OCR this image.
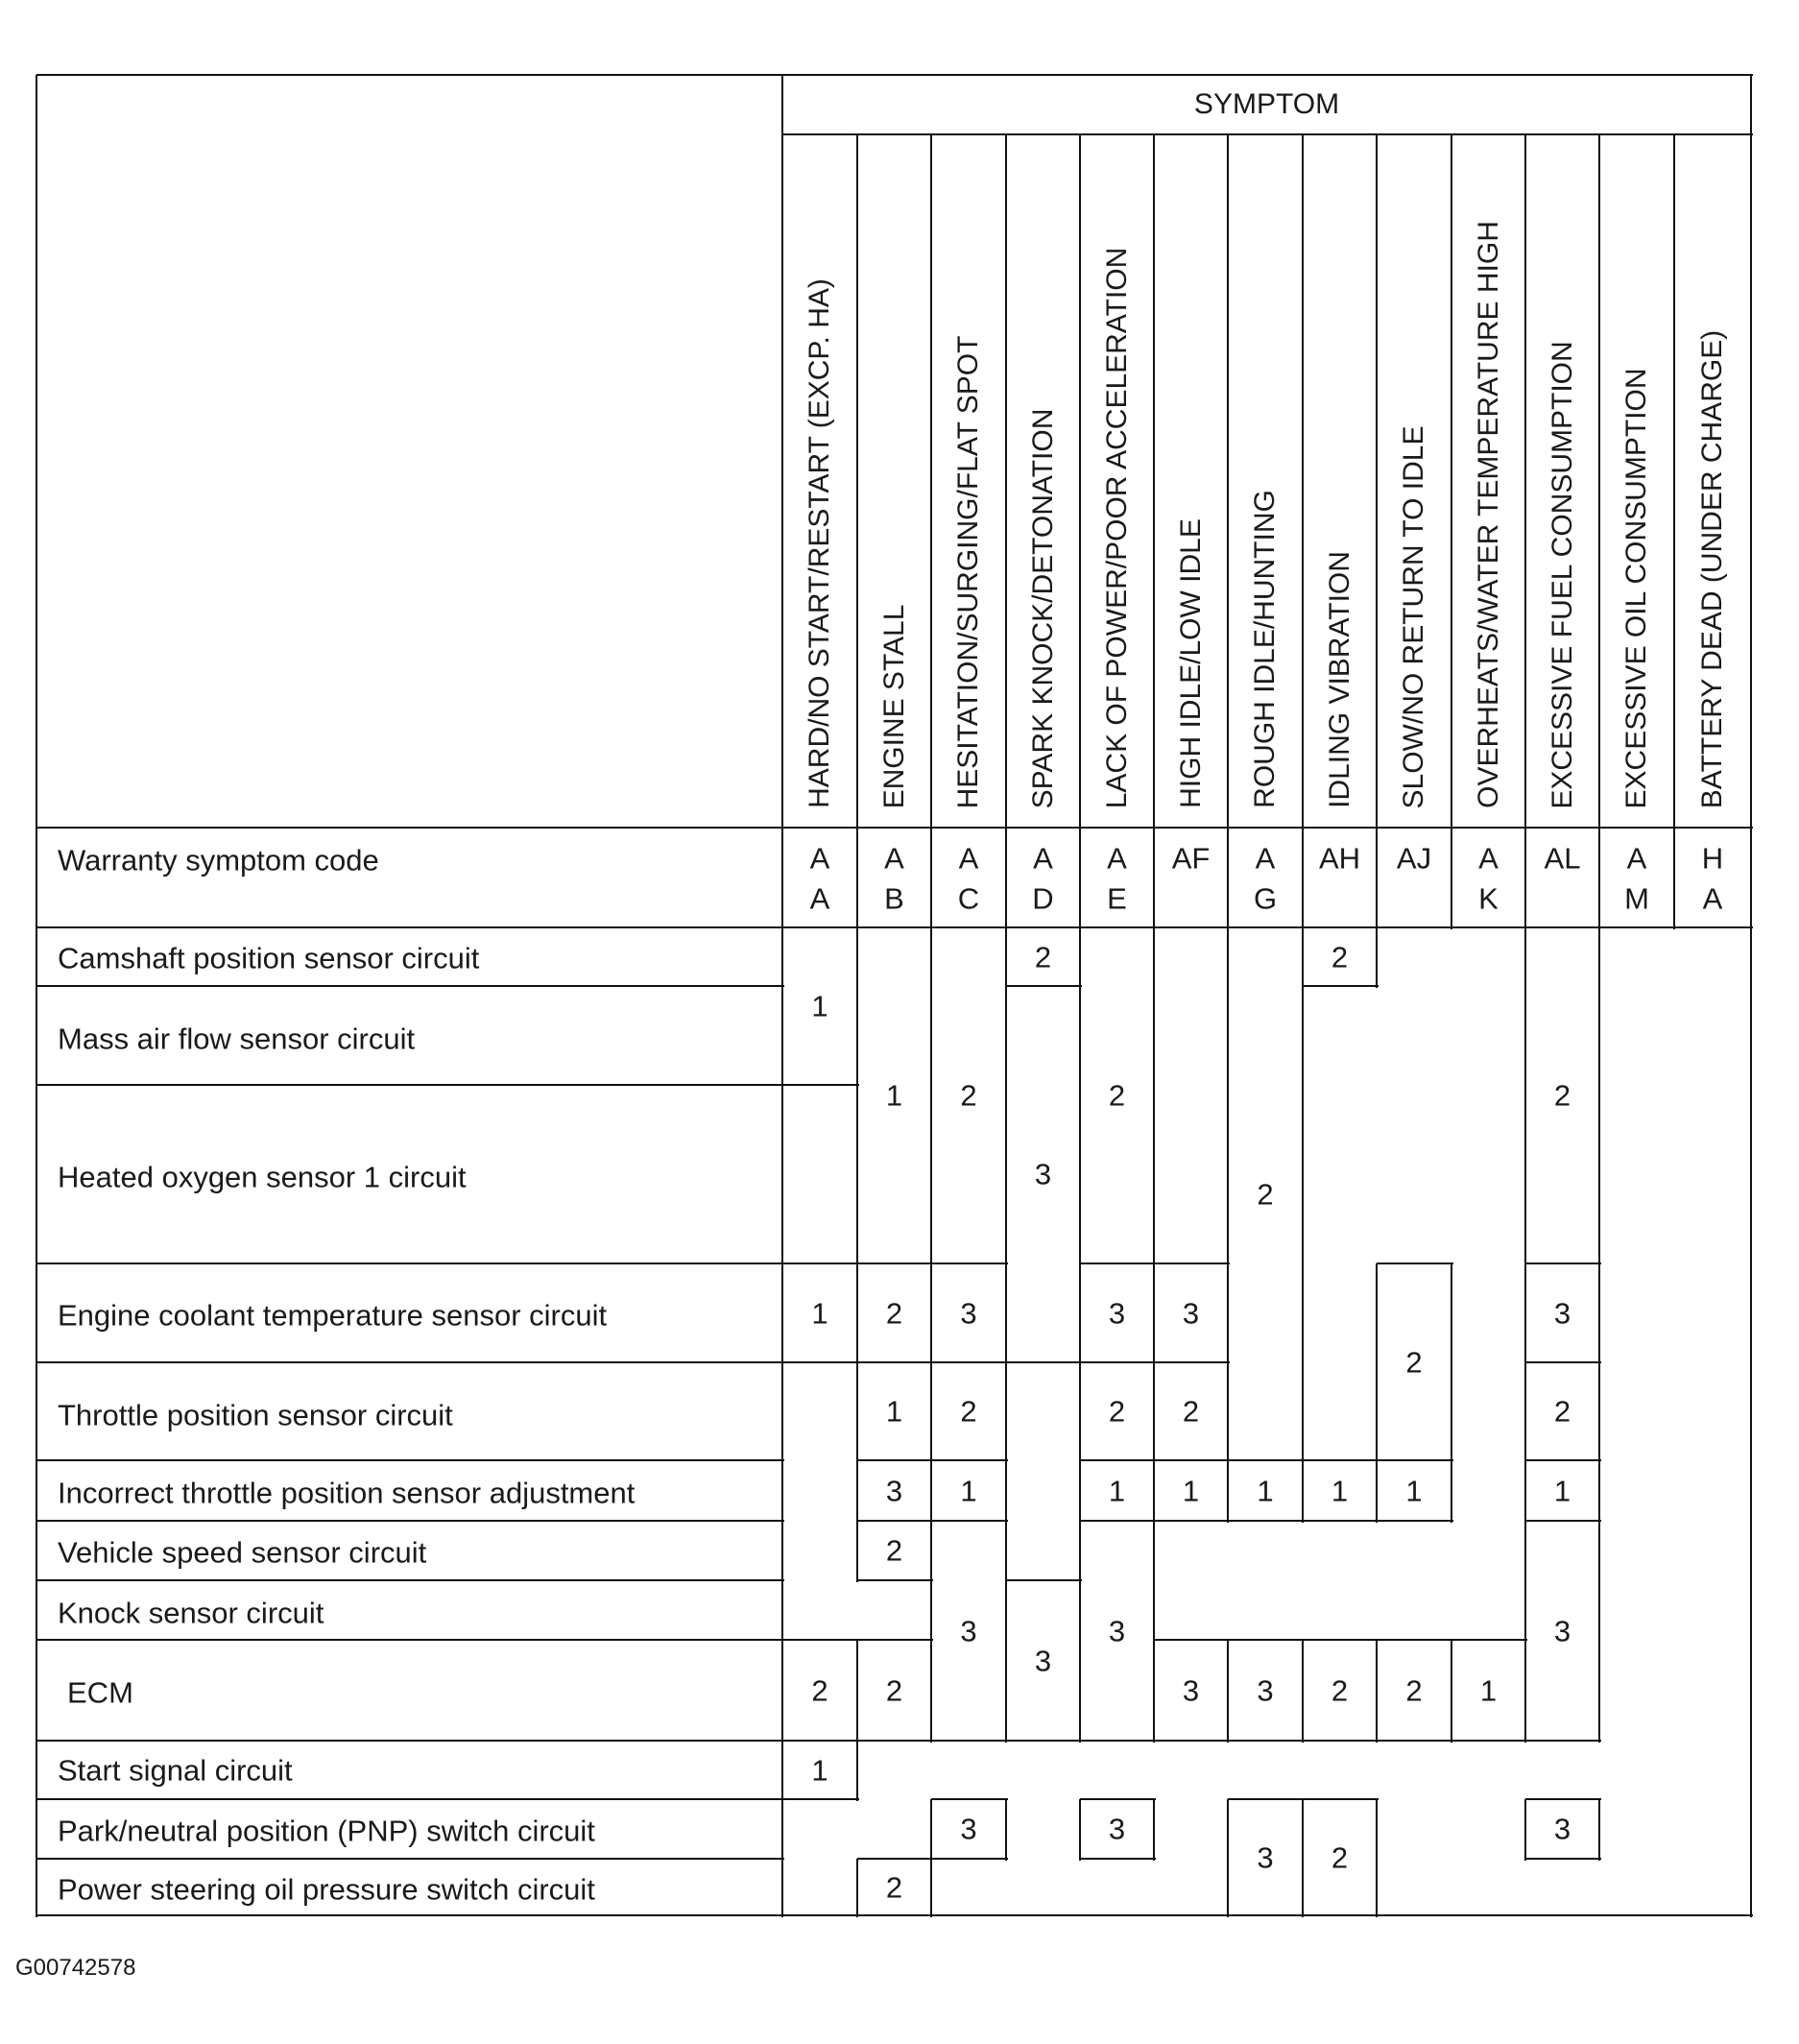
SYMPTOM
HARD/NO START/RESTART (EXCP. HA) ENGINE STALL HESITATION/SURGING/FLAT SPOT SPARK KNOCK/DETONATION LACK OF POWER/POOR ACCELERATION HIGH IDLE/LOW IDLE ROUGH IDLE/HUNTING IDLING VIBRATION SLOW/NO RETURN TO IDLE OVERHEATS/WATER TEMPERATURE HIGH EXCESSIVE FUEL CONSUMPTION EXCESSIVE OIL CONSUMPTION BATTERY DEAD (UNDER CHARGE)
Warranty symptom code	A
A
A
B
A
C
A
D
A
E
AF A
G
AH AJ A
K
AL A
M
H
A
Camshaft position sensor circuit
Mass air flow sensor circuit
Heated oxygen sensor 1 circuit
Engine coolant temperature sensor circuit
Throttle position sensor circuit
Incorrect throttle position sensor adjustment
Vehicle speed sensor circuit
Knock sensor circuit
ECM
Start signal circuit
Park/neutral position (PNP) switch circuit
Power steering oil pressure switch circuit
1
1
2
1
1
2
1
3
2
2
2
2
3
2
1
3
3
2
3
3
2
3
2
1
3
3
3
2
1
3
2
1
3
3
2
1
2
2
2
1
2 1
2
3
2
1
3
3
G00742578
